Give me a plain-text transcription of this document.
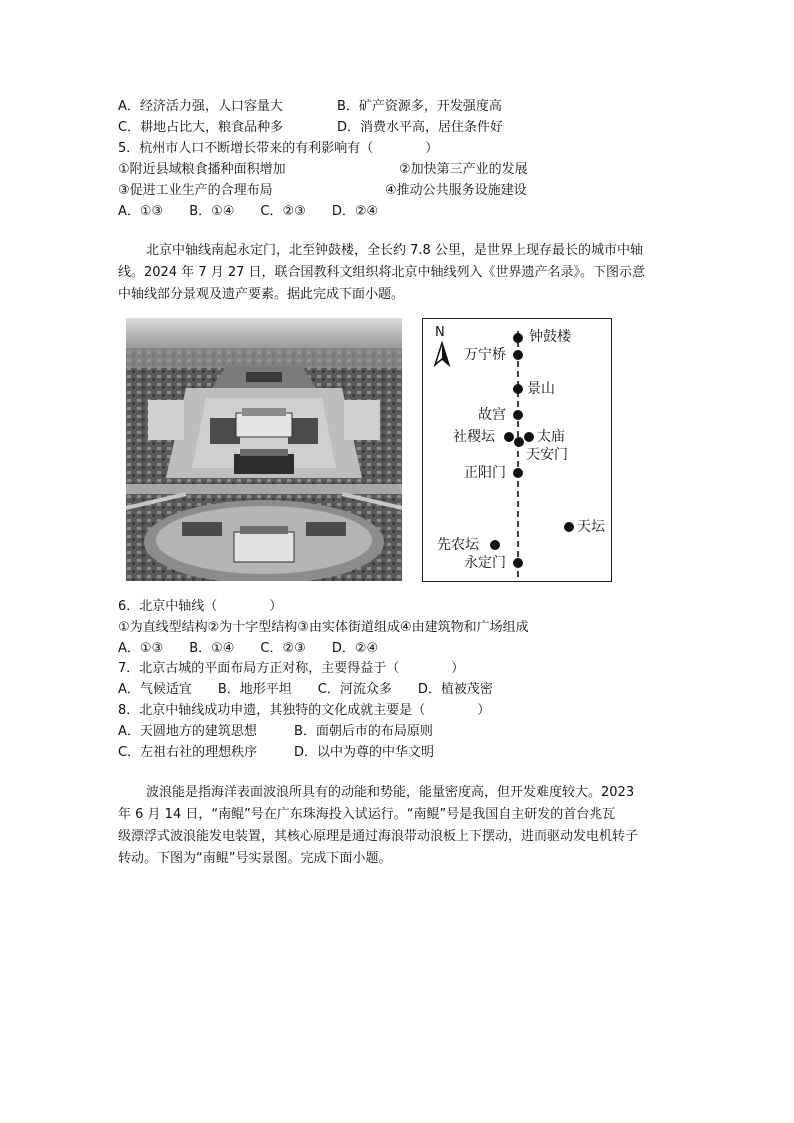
A．经济活力强，人口容量大	B．矿产资源多，开发强度高
C．耕地占比大，粮食品种多	D．消费水平高，居住条件好
5．杭州市人口不断增长带来的有利影响有（　　　　）
①附近县域粮食播种面积增加	②加快第三产业的发展
③促进工业生产的合理布局	④推动公共服务设施建设
A．①③　　B．①④　　C．②③　　D．②④
北京中轴线南起永定门，北至钟鼓楼，全长约 7.8 公里，是世界上现存最长的城市中轴
线。2024 年 7 月 27 日，联合国教科文组织将北京中轴线列入《世界遗产名录》。下图示意
中轴线部分景观及遗产要素。据此完成下面小题。
N	钟鼓楼
万宁桥
景山
故宫
社稷坛	太庙
天安门
正阳门
天坛
先农坛
永定门
6．北京中轴线（　　　　）
①为直线型结构②为十字型结构③由实体街道组成④由建筑物和广场组成
A．①③　　B．①④　　C．②③　　D．②④
7．北京古城的平面布局方正对称，主要得益于（　　　　）
A．气候适宜　　B．地形平坦　　C．河流众多　　D．植被茂密
8．北京中轴线成功申遗，其独特的文化成就主要是（　　　　）
A．天圆地方的建筑思想	B．面朝后市的布局原则
C．左祖右社的理想秩序	D．以中为尊的中华文明
波浪能是指海洋表面波浪所具有的动能和势能，能量密度高，但开发难度较大。2023
年 6 月 14 日，“南鲲”号在广东珠海投入试运行。“南鲲”号是我国自主研发的首台兆瓦
级漂浮式波浪能发电装置，其核心原理是通过海浪带动浪板上下摆动，进而驱动发电机转子
转动。下图为“南鲲”号实景图。完成下面小题。
